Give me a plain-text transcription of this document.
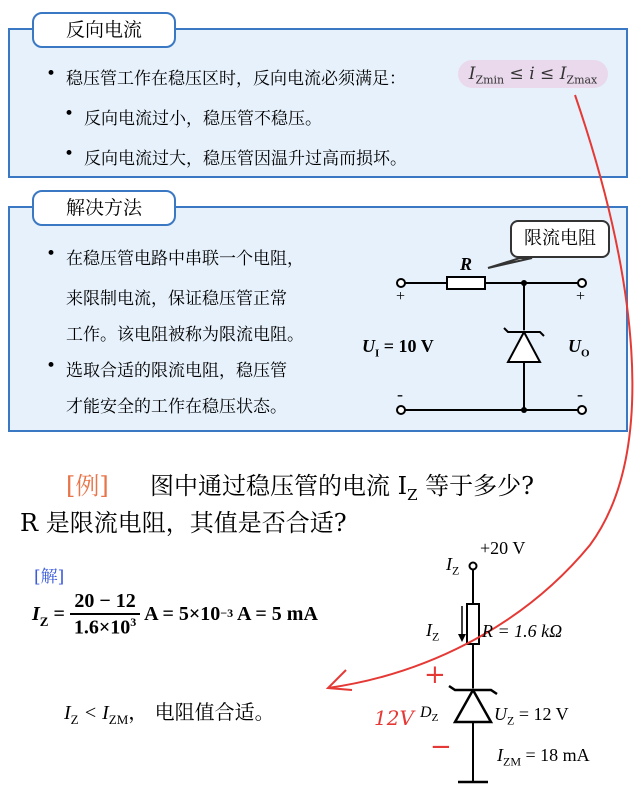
反向电流
• 稳压管工作在稳压区时，反向电流必须满足：	$I_{Zmin} \le i \le I_{Zmax}$
• 反向电流过小，稳压管不稳压。
• 反向电流过大，稳压管因温升过高而损坏。
解决方法
• 在稳压管电路中串联一个电阻，
来限制电流，保证稳压管正常
工作。该电阻被称为限流电阻。
• 选取合适的限流电阻，稳压管
才能安全的工作在稳压状态。
限流电阻
R
+	+
-	-
$U_I = 10$ V	$U_O$
[例] 图中通过稳压管的电流 $I_Z$ 等于多少?
R 是限流电阻，其值是否合适?
[解]
$I_Z = \frac{20 - 12}{1.6\times 10^3}$ A = 5×10 −3 A = 5 mA
$I_Z < I_{ZM}$， 电阻值合适。
+20 V
$I_Z$
$I_Z$ R = 1.6 kΩ
$D_Z$	$U_Z = 12$ V
$I_{ZM} = 18$ mA
+
12V
−
